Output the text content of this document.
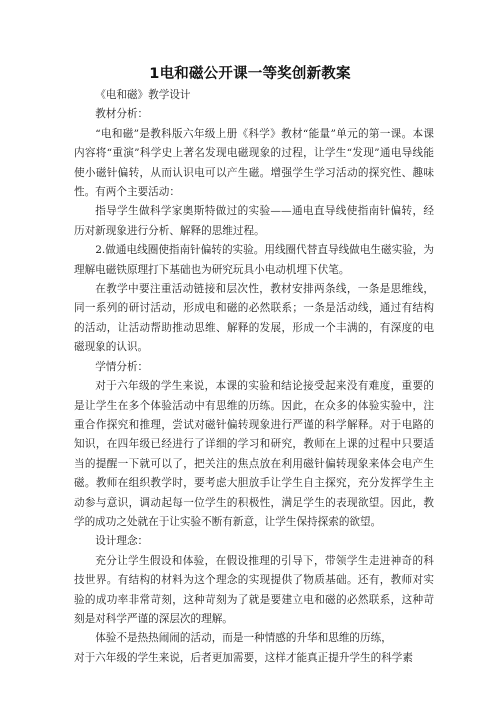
1电和磁公开课一等奖创新教案

《电和磁》教学设计

教材分析：

“电和磁”是教科版六年级上册《科学》教材“能量”单元的第一课。本课内容将“重演”科学史上著名发现电磁现象的过程，让学生“发现”通电导线能使小磁针偏转，从而认识电可以产生磁。增强学生学习活动的探究性、趣味性。有两个主要活动：

指导学生做科学家奥斯特做过的实验——通电直导线使指南针偏转，经历对新现象进行分析、解释的思维过程。

2.做通电线圈使指南针偏转的实验。用线圈代替直导线做电生磁实验，为理解电磁铁原理打下基础也为研究玩具小电动机埋下伏笔。

在教学中要注重活动链接和层次性，教材安排两条线，一条是思维线，同一系列的研讨活动，形成电和磁的必然联系；一条是活动线，通过有结构的活动，让活动帮助推动思维、解释的发展，形成一个丰满的，有深度的电磁现象的认识。

学情分析：

对于六年级的学生来说，本课的实验和结论接受起来没有难度，重要的是让学生在多个体验活动中有思维的历练。因此，在众多的体验实验中，注重合作探究和推理，尝试对磁针偏转现象进行严谨的科学解释。对于电路的知识，在四年级已经进行了详细的学习和研究，教师在上课的过程中只要适当的提醒一下就可以了，把关注的焦点放在利用磁针偏转现象来体会电产生磁。教师在组织教学时，要考虑大胆放手让学生自主探究，充分发挥学生主动参与意识，调动起每一位学生的积极性，满足学生的表现欲望。因此，教学的成功之处就在于让实验不断有新意，让学生保持探索的欲望。

设计理念：

充分让学生假设和体验，在假设推理的引导下，带领学生走进神奇的科技世界。有结构的材料为这个理念的实现提供了物质基础。还有，教师对实验的成功率非常苛刻，这种苛刻为了就是要建立电和磁的必然联系，这种苛刻是对科学严谨的深层次的理解。

体验不是热热闹闹的活动，而是一种情感的升华和思维的历练，

对于六年级的学生来说，后者更加需要，这样才能真正提升学生的科学素
